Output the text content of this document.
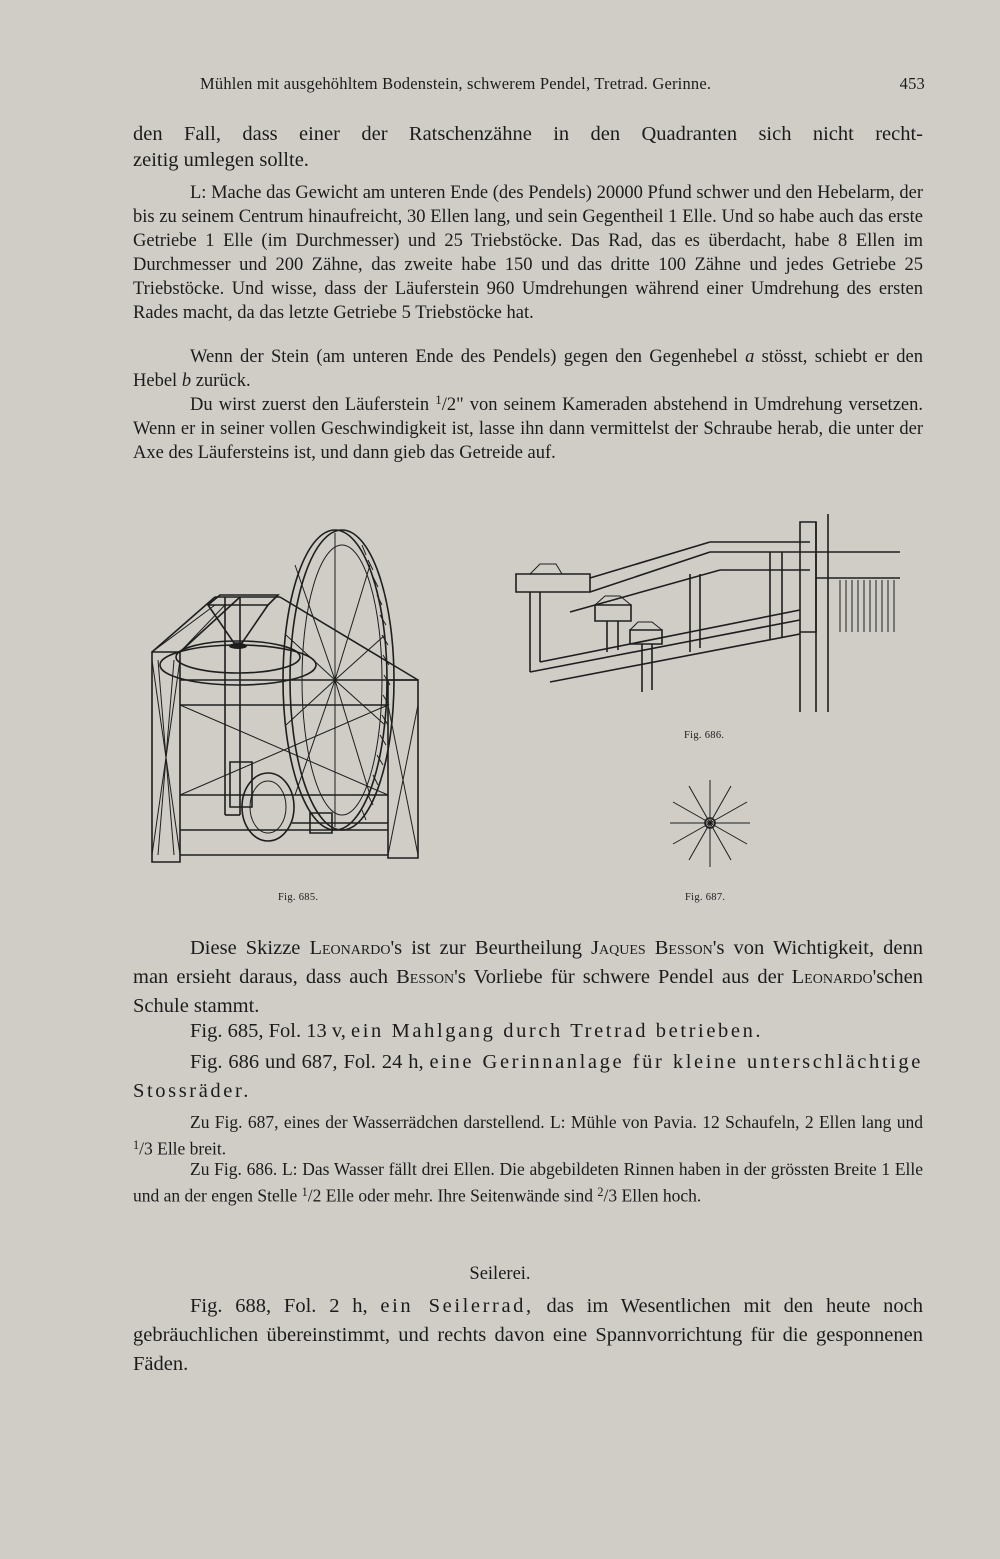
Mühlen mit ausgehöhltem Bodenstein, schwerem Pendel, Tretrad. Gerinne.	453
den Fall, dass einer der Ratschenzähne in den Quadranten sich nicht recht-
zeitig umlegen sollte.
L: Mache das Gewicht am unteren Ende (des Pendels) 20000 Pfund schwer und den Hebelarm, der bis zu seinem Centrum hinaufreicht, 30 Ellen lang, und sein Gegentheil 1 Elle. Und so habe auch das erste Getriebe 1 Elle (im Durchmesser) und 25 Triebstöcke. Das Rad, das es überdacht, habe 8 Ellen im Durchmesser und 200 Zähne, das zweite habe 150 und das dritte 100 Zähne und jedes Getriebe 25 Triebstöcke. Und wisse, dass der Läuferstein 960 Umdrehungen während einer Umdrehung des ersten Rades macht, da das letzte Getriebe 5 Triebstöcke hat.
Wenn der Stein (am unteren Ende des Pendels) gegen den Gegenhebel a stösst, schiebt er den Hebel b zurück.
Du wirst zuerst den Läuferstein $^1$/2" von seinem Kameraden abstehend in Umdrehung versetzen. Wenn er in seiner vollen Geschwindigkeit ist, lasse ihn dann vermittelst der Schraube herab, die unter der Axe des Läufersteins ist, und dann gieb das Getreide auf.
Fig. 686.
Fig. 685.	Fig. 687.
Diese Skizze Leonardo's ist zur Beurtheilung Jaques Besson's von Wichtigkeit, denn man ersieht daraus, dass auch Besson's Vorliebe für schwere Pendel aus der Leonardo'schen Schule stammt.
Fig. 685, Fol. 13 v, ein Mahlgang durch Tretrad betrieben.
Fig. 686 und 687, Fol. 24 h, eine Gerinnanlage für kleine unterschlächtige Stossräder.
Zu Fig. 687, eines der Wasserrädchen darstellend. L: Mühle von Pavia. 12 Schaufeln, 2 Ellen lang und $^1$/3 Elle breit.
Zu Fig. 686. L: Das Wasser fällt drei Ellen. Die abgebildeten Rinnen haben in der grössten Breite 1 Elle und an der engen Stelle $^1$/2 Elle oder mehr. Ihre Seitenwände sind $^2$/3 Ellen hoch.
Seilerei.
Fig. 688, Fol. 2 h, ein Seilerrad, das im Wesentlichen mit den heute noch gebräuchlichen übereinstimmt, und rechts davon eine Spannvorrichtung für die gesponnenen Fäden.
